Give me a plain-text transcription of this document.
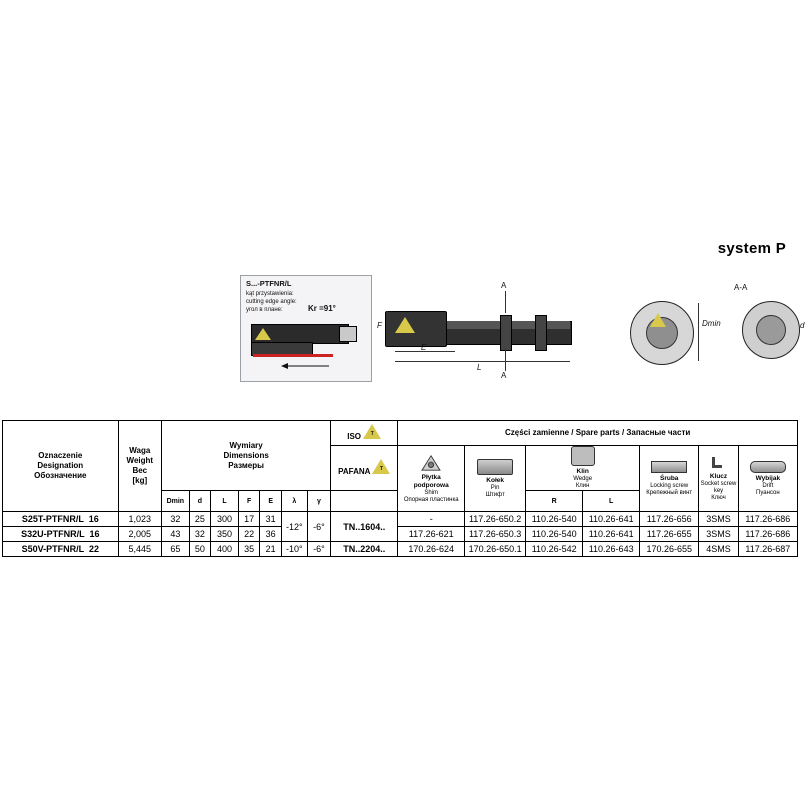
system P
S...-PTFNR/L
kąt przystawienia:
cutting edge angle:
угол в плане:	Kr =91°
L
E
F
A
A
Dmin	d
A-A
Oznaczenie
Designation
Обозначение

Waga
Weight
Вес
[kg]

Wymiary
Dimensions
Размеры
	ISO	T	Części zamienne / Spare parts / Запасные части
PAFANA	T

Płytka
podporowa
Shim
Опорная пластинка

Kołek
Pin
Штифт

Klin
Wedge
Клин

Śruba
Locking screw
Крепежный винт

Klucz
Socket screw
key
Ключ

Wybijak
Drift
Пуансон

		Dmin	d	L	F	E	λ	γ				R	L			
S25T-PTFNR/L 16	1,023	32	25	300	17	31	-12°	-6°	TN..1604..	-	117.26-650.2	110.26-540	110.26-641	117.26-656	3SMS	117.26-686
S32U-PTFNR/L 16	2,005	43	32	350	22	36				117.26-621	117.26-650.3	110.26-540	110.26-641	117.26-655	3SMS	117.26-686
S50V-PTFNR/L 22	5,445	65	50	400	35	21	-10°	-6°	TN..2204..	170.26-624	170.26-650.1	110.26-542	110.26-643	170.26-655	4SMS	117.26-687
